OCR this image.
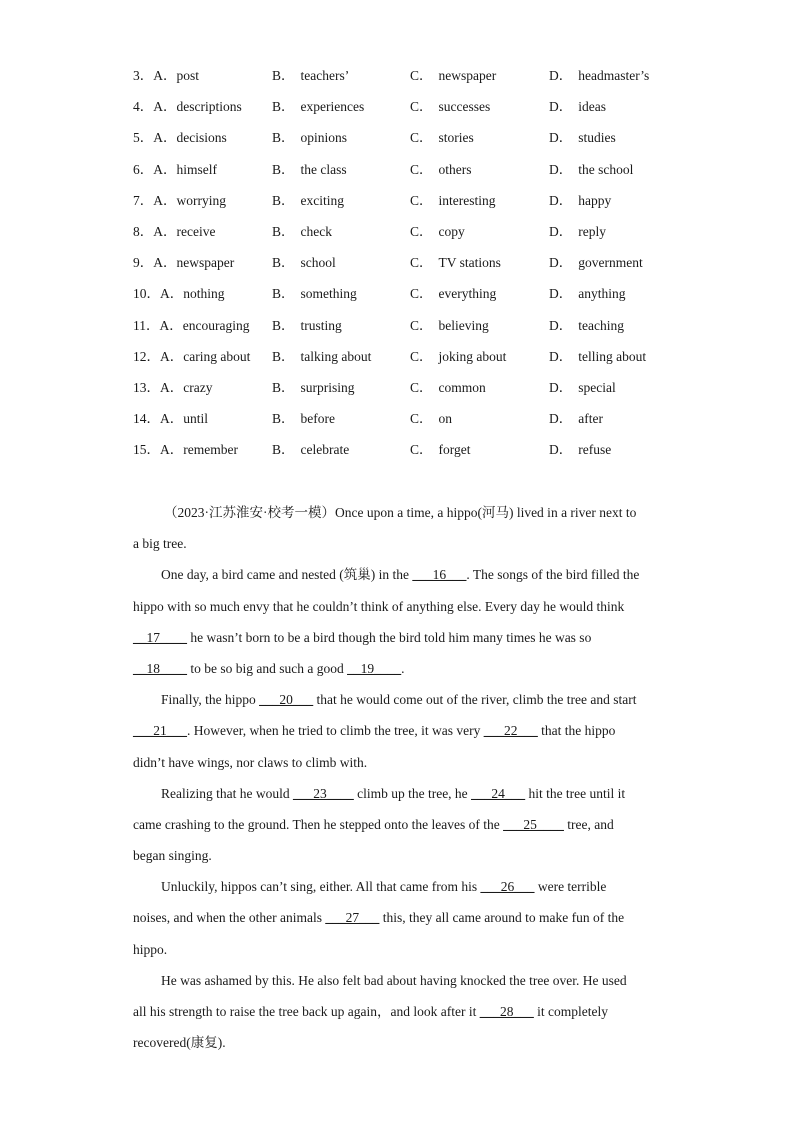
3．A．post	B． teachers’	C． newspaper	D． headmaster’s
4．A．descriptions B． experiences	C． successes	D． ideas
5．A．decisions	B． opinions	C． stories	D． studies
6．A．himself	B． the class	C． others	D． the school
7．A．worrying	B． exciting	C． interesting	D． happy
8．A．receive	B． check	C． copy	D． reply
9．A．newspaper	B． school	C． TV stations	D． government
10．A．nothing	B． something	C． everything	D． anything
11．A．encouraging B． trusting	C． believing	D． teaching
12．A．caring about B． talking about	C． joking about	D． telling about
13．A．crazy	B． surprising	C． common	D． special
14．A．until	B． before	C． on	D． after
15．A．remember	B． celebrate	C． forget	D． refuse
（2023·江苏淮安·校考一模）Once upon a time, a hippo(河马) lived in a river next to
a big tree.
One day, a bird came and nested (筑巢) in the ___16___. The songs of the bird filled the
hippo with so much envy that he couldn’t think of anything else. Every day he would think
__17____ he wasn’t born to be a bird though the bird told him many times he was so
__18____ to be so big and such a good __19____.
Finally, the hippo ___20___ that he would come out of the river, climb the tree and start
___21___. However, when he tried to climb the tree, it was very ___22___ that the hippo
didn’t have wings, nor claws to climb with.
Realizing that he would ___23____ climb up the tree, he ___24___ hit the tree until it
came crashing to the ground. Then he stepped onto the leaves of the ___25____ tree, and
began singing.
Unluckily, hippos can’t sing, either. All that came from his ___26___ were terrible
noises, and when the other animals ___27___ this, they all came around to make fun of the
hippo.
He was ashamed by this. He also felt bad about having knocked the tree over. He used
all his strength to raise the tree back up again，and look after it ___28___ it completely
recovered(康复).
